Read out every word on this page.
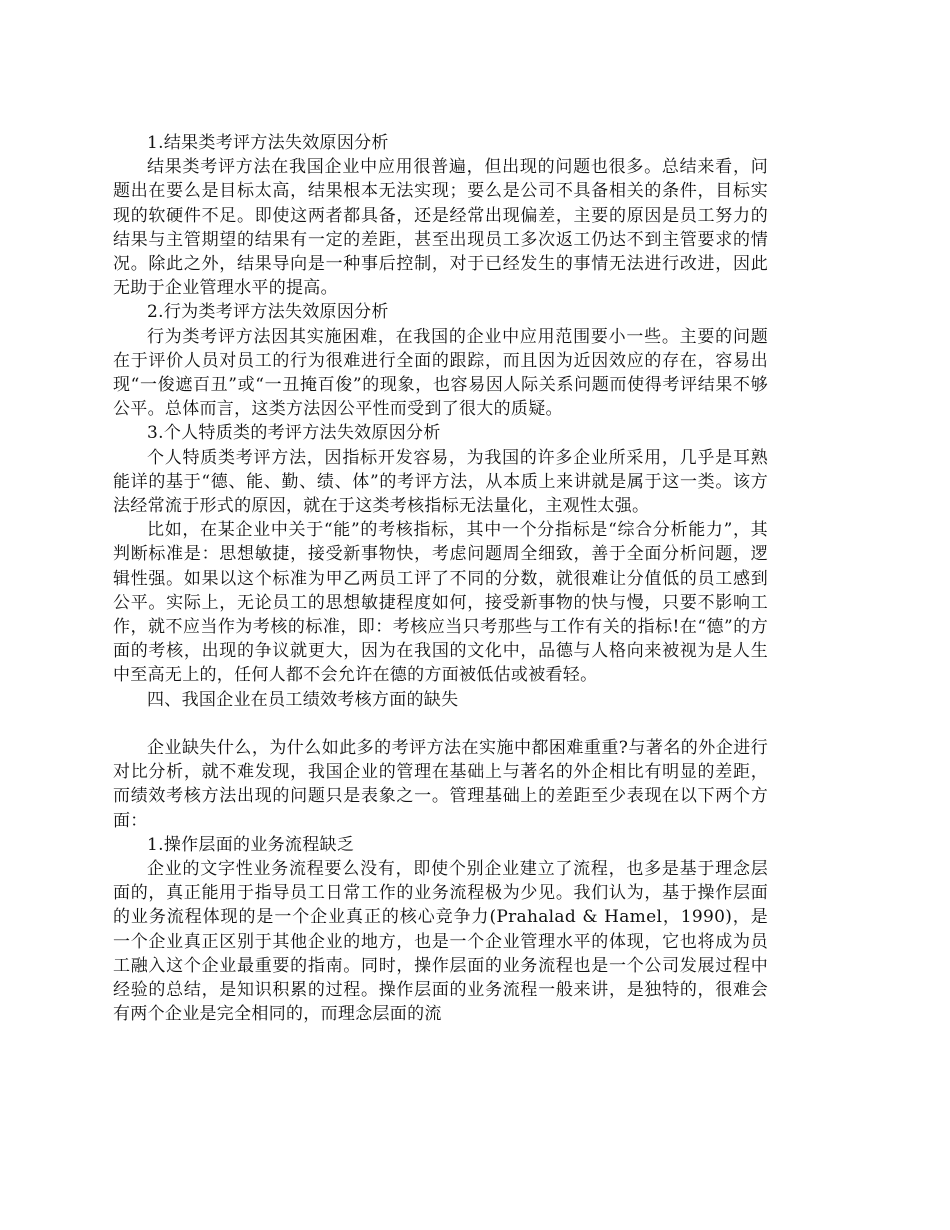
1.结果类考评方法失效原因分析

结果类考评方法在我国企业中应用很普遍，但出现的问题也很多。总结来看，问题出在要么是目标太高，结果根本无法实现；要么是公司不具备相关的条件，目标实现的软硬件不足。即使这两者都具备，还是经常出现偏差，主要的原因是员工努力的结果与主管期望的结果有一定的差距，甚至出现员工多次返工仍达不到主管要求的情况。除此之外，结果导向是一种事后控制，对于已经发生的事情无法进行改进，因此无助于企业管理水平的提高。

2.行为类考评方法失效原因分析

行为类考评方法因其实施困难，在我国的企业中应用范围要小一些。主要的问题在于评价人员对员工的行为很难进行全面的跟踪，而且因为近因效应的存在，容易出现“一俊遮百丑”或“一丑掩百俊”的现象，也容易因人际关系问题而使得考评结果不够公平。总体而言，这类方法因公平性而受到了很大的质疑。

3.个人特质类的考评方法失效原因分析

个人特质类考评方法，因指标开发容易，为我国的许多企业所采用，几乎是耳熟能详的基于“德、能、勤、绩、体”的考评方法，从本质上来讲就是属于这一类。该方法经常流于形式的原因，就在于这类考核指标无法量化，主观性太强。

比如，在某企业中关于“能”的考核指标，其中一个分指标是“综合分析能力”，其判断标准是：思想敏捷，接受新事物快，考虑问题周全细致，善于全面分析问题，逻辑性强。如果以这个标准为甲乙两员工评了不同的分数，就很难让分值低的员工感到公平。实际上，无论员工的思想敏捷程度如何，接受新事物的快与慢，只要不影响工作，就不应当作为考核的标准，即：考核应当只考那些与工作有关的指标!在“德”的方面的考核，出现的争议就更大，因为在我国的文化中，品德与人格向来被视为是人生中至高无上的，任何人都不会允许在德的方面被低估或被看轻。

四、我国企业在员工绩效考核方面的缺失

企业缺失什么，为什么如此多的考评方法在实施中都困难重重?与著名的外企进行对比分析，就不难发现，我国企业的管理在基础上与著名的外企相比有明显的差距，而绩效考核方法出现的问题只是表象之一。管理基础上的差距至少表现在以下两个方面：

1.操作层面的业务流程缺乏

企业的文字性业务流程要么没有，即使个别企业建立了流程，也多是基于理念层面的，真正能用于指导员工日常工作的业务流程极为少见。我们认为，基于操作层面的业务流程体现的是一个企业真正的核心竞争力(Prahalad & Hamel，1990)，是一个企业真正区别于其他企业的地方，也是一个企业管理水平的体现，它也将成为员工融入这个企业最重要的指南。同时，操作层面的业务流程也是一个公司发展过程中经验的总结，是知识积累的过程。操作层面的业务流程一般来讲，是独特的，很难会有两个企业是完全相同的，而理念层面的流
